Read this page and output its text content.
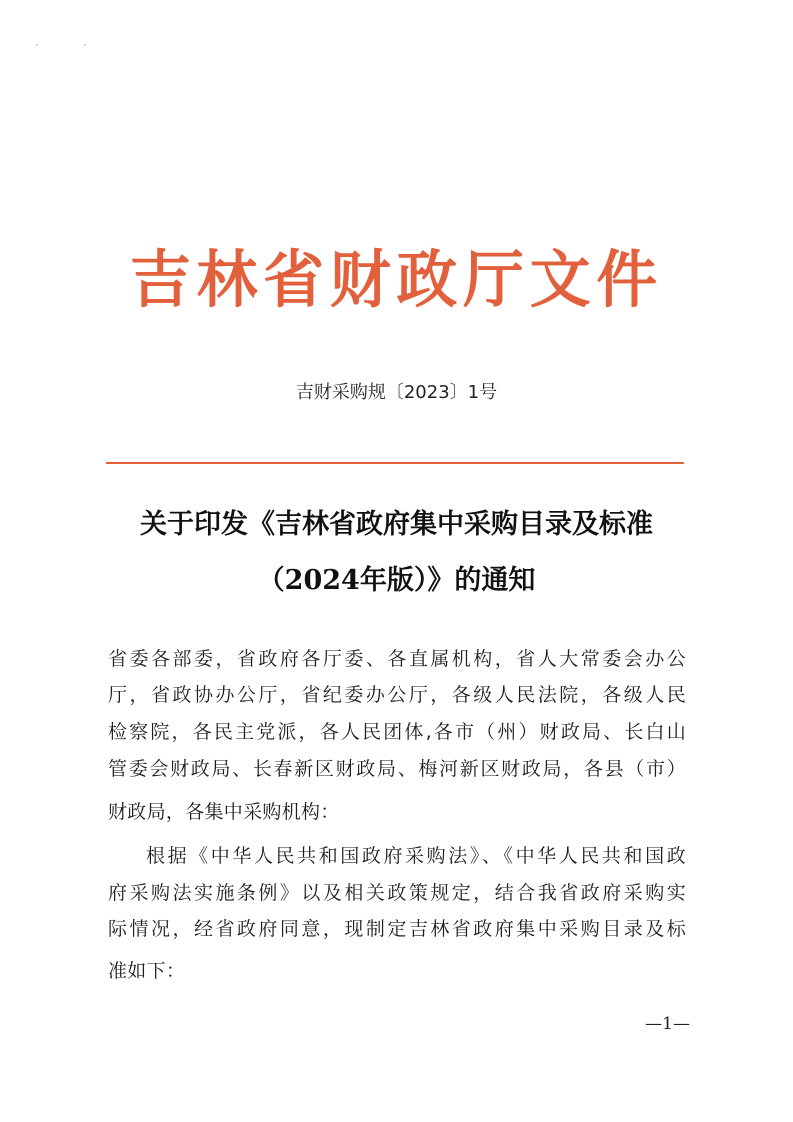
吉林省财政厅文件
吉财采购规〔2023〕1号
关于印发《吉林省政府集中采购目录及标准
（2024年版）》的通知
省委各部委，省政府各厅委、各直属机构，省人大常委会办公
厅，省政协办公厅，省纪委办公厅，各级人民法院，各级人民
检察院，各民主党派，各人民团体,各市（州）财政局、长白山
管委会财政局、长春新区财政局、梅河新区财政局，各县（市）
财政局，各集中采购机构：
根据《中华人民共和国政府采购法》、《中华人民共和国政
府采购法实施条例》以及相关政策规定，结合我省政府采购实
际情况，经省政府同意，现制定吉林省政府集中采购目录及标
准如下：
—1—
